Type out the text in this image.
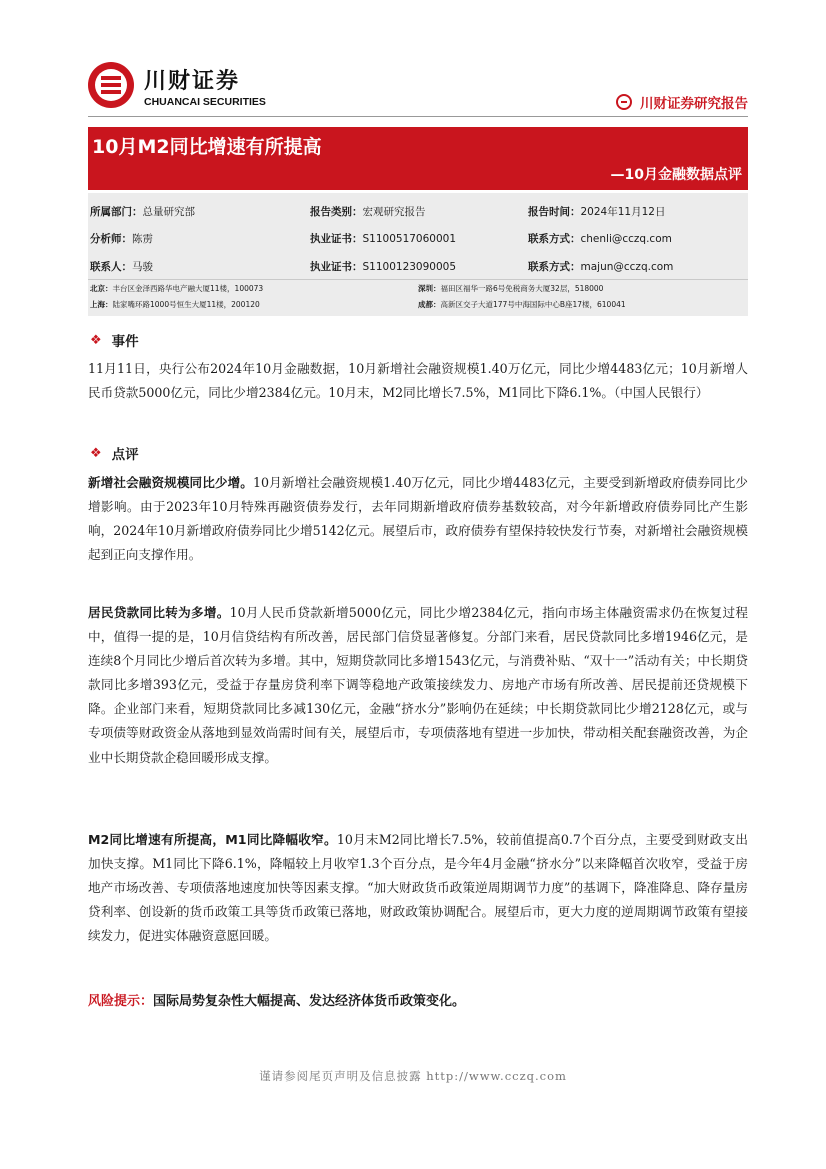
川财证券
CHUANCAI SECURITIES	川财证券研究报告
10月M2同比增速有所提高
—10月金融数据点评
所属部门：总量研究部	报告类别：宏观研究报告	报告时间：2024年11月12日
分析师：陈雳	执业证书：S1100517060001	联系方式：chenli@cczq.com
联系人：马骏	执业证书：S1100123090005	联系方式：majun@cczq.com
北京：丰台区金泽西路华电产融大厦11楼，100073	深圳：福田区福华一路6号免税商务大厦32层，518000
上海：陆家嘴环路1000号恒生大厦11楼，200120	成都：高新区交子大道177号中海国际中心B座17楼，610041
❖ 事件

11月11日，央行公布2024年10月金融数据，10月新增社会融资规模1.40万亿元，同比少增4483亿元；10月新增人民币贷款5000亿元，同比少增2384亿元。10月末，M2同比增长7.5%，M1同比下降6.1%。（中国人民银行）

❖ 点评

新增社会融资规模同比少增。10月新增社会融资规模1.40万亿元，同比少增4483亿元，主要受到新增政府债券同比少增影响。由于2023年10月特殊再融资债券发行，去年同期新增政府债券基数较高，对今年新增政府债券同比产生影响，2024年10月新增政府债券同比少增5142亿元。展望后市，政府债券有望保持较快发行节奏，对新增社会融资规模起到正向支撑作用。

居民贷款同比转为多增。10月人民币贷款新增5000亿元，同比少增2384亿元，指向市场主体融资需求仍在恢复过程中，值得一提的是，10月信贷结构有所改善，居民部门信贷显著修复。分部门来看，居民贷款同比多增1946亿元，是连续8个月同比少增后首次转为多增。其中，短期贷款同比多增1543亿元，与消费补贴、“双十一”活动有关；中长期贷款同比多增393亿元，受益于存量房贷利率下调等稳地产政策接续发力、房地产市场有所改善、居民提前还贷规模下降。企业部门来看，短期贷款同比多减130亿元，金融“挤水分”影响仍在延续；中长期贷款同比少增2128亿元，或与专项债等财政资金从落地到显效尚需时间有关，展望后市，专项债落地有望进一步加快，带动相关配套融资改善，为企业中长期贷款企稳回暖形成支撑。

M2同比增速有所提高，M1同比降幅收窄。10月末M2同比增长7.5%，较前值提高0.7个百分点，主要受到财政支出加快支撑。M1同比下降6.1%，降幅较上月收窄1.3个百分点，是今年4月金融“挤水分”以来降幅首次收窄，受益于房地产市场改善、专项债落地速度加快等因素支撑。“加大财政货币政策逆周期调节力度”的基调下，降准降息、降存量房贷利率、创设新的货币政策工具等货币政策已落地，财政政策协调配合。展望后市，更大力度的逆周期调节政策有望接续发力，促进实体融资意愿回暖。

风险提示：国际局势复杂性大幅提高、发达经济体货币政策变化。
谨请参阅尾页声明及信息披露 http://www.cczq.com
